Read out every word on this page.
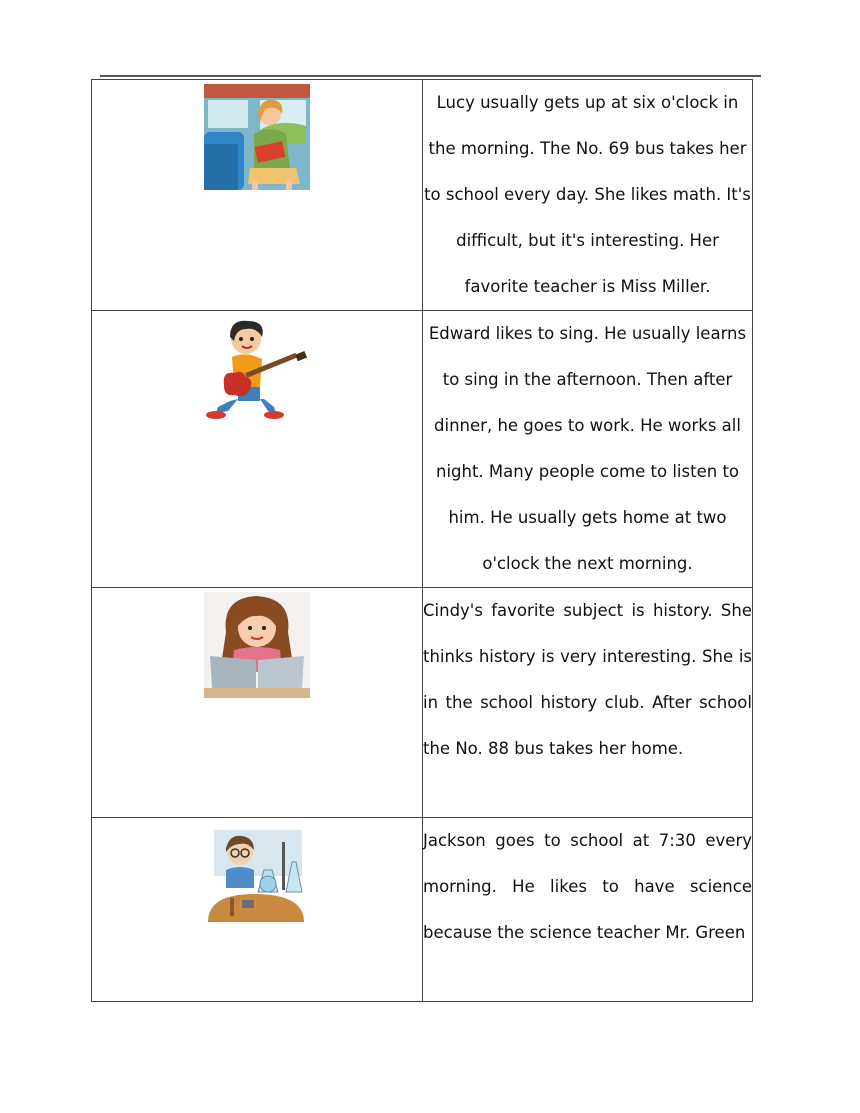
Lucy usually gets up at six o'clock in the morning. The No. 69 bus takes her to school every day. She likes math. It's difficult, but it's interesting. Her favorite teacher is Miss Miller.

Edward likes to sing. He usually learns to sing in the afternoon. Then after dinner, he goes to work. He works all night. Many people come to listen to him. He usually gets home at two o'clock the next morning.

Cindy's favorite subject is history. She thinks history is very interesting. She is in the school history club. After school the No. 88 bus takes her home.

Jackson goes to school at 7:30 every morning. He likes to have science because the science teacher Mr. Green
